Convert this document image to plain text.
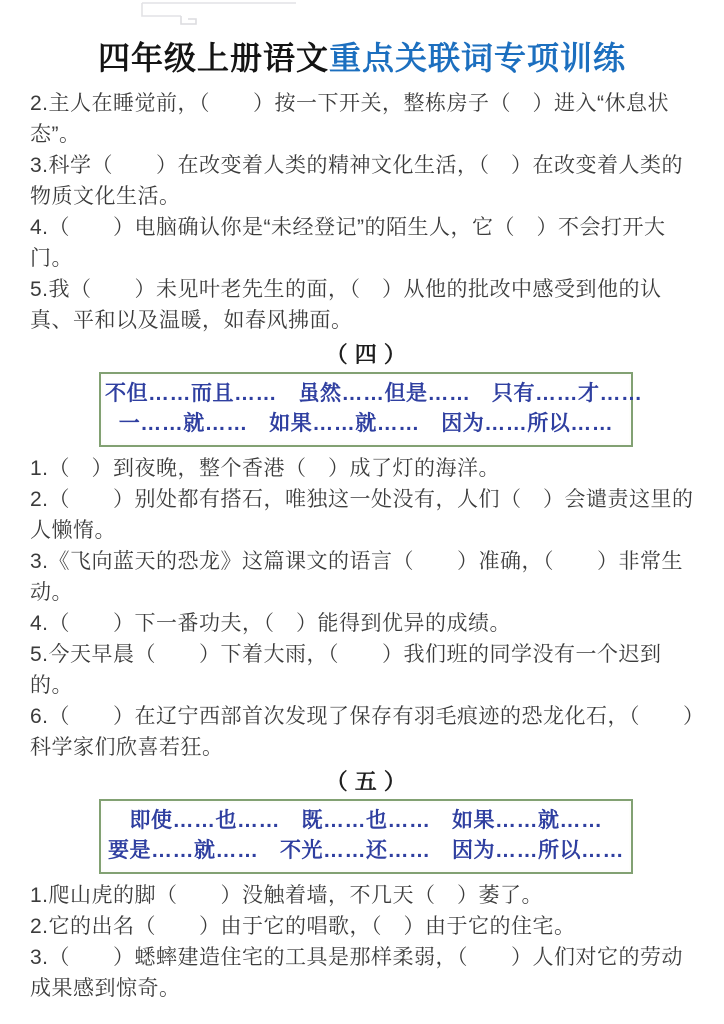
四年级上册语文重点关联词专项训练

2.主人在睡觉前，（　　）按一下开关，整栋房子（　）进入“休息状态”。

3.科学（　　）在改变着人类的精神文化生活，（　）在改变着人类的物质文化生活。

4.（　　）电脑确认你是“未经登记”的陌生人，它（　）不会打开大门。

5.我（　　）未见叶老先生的面，（　）从他的批改中感受到他的认真、平和以及温暖，如春风拂面。

（ 四 ）
不但……而且……　虽然……但是……　只有……才……
一……就……　如果……就……　因为……所以……

1.（　）到夜晚，整个香港（　）成了灯的海洋。

2.（　　）别处都有搭石，唯独这一处没有，人们（　）会谴责这里的人懒惰。

3.《飞向蓝天的恐龙》这篇课文的语言（　　）准确，（　　）非常生动。

4.（　　）下一番功夫，（　）能得到优异的成绩。

5.今天早晨（　　）下着大雨，（　　）我们班的同学没有一个迟到的。

6.（　　）在辽宁西部首次发现了保存有羽毛痕迹的恐龙化石，（　　）科学家们欣喜若狂。

（ 五 ）
即使……也……　既……也……　如果……就……
要是……就……　不光……还……　因为……所以……

1.爬山虎的脚（　　）没触着墙，不几天（　）萎了。

2.它的出名（　　）由于它的唱歌，（　）由于它的住宅。

3.（　　）蟋蟀建造住宅的工具是那样柔弱，（　　）人们对它的劳动成果感到惊奇。
